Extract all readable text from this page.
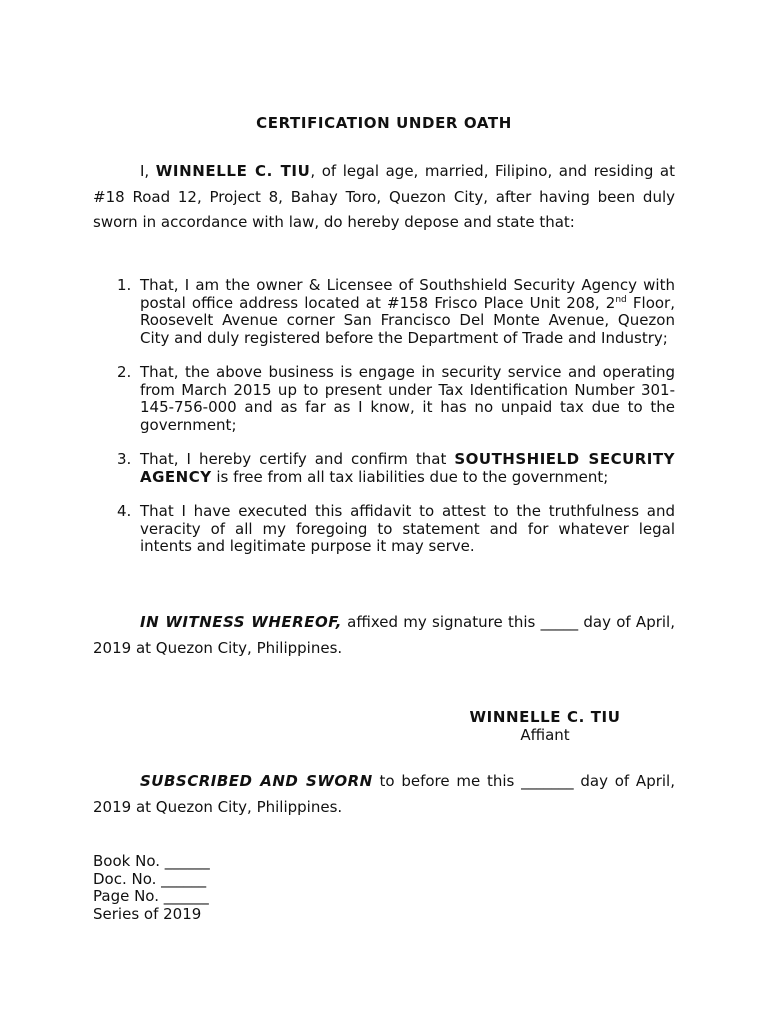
CERTIFICATION UNDER OATH

I, WINNELLE C. TIU, of legal age, married, Filipino, and residing at #18 Road 12, Project 8, Bahay Toro, Quezon City, after having been duly sworn in accordance with law, do hereby depose and state that:

1. That, I am the owner & Licensee of Southshield Security Agency with postal office address located at #158 Frisco Place Unit 208, 2nd Floor, Roosevelt Avenue corner San Francisco Del Monte Avenue, Quezon City and duly registered before the Department of Trade and Industry;
2. That, the above business is engage in security service and operating from March 2015 up to present under Tax Identification Number 301-145-756-000 and as far as I know, it has no unpaid tax due to the government;
3. That, I hereby certify and confirm that SOUTHSHIELD SECURITY AGENCY is free from all tax liabilities due to the government;
4. That I have executed this affidavit to attest to the truthfulness and veracity of all my foregoing to statement and for whatever legal intents and legitimate purpose it may serve.

IN WITNESS WHEREOF, affixed my signature this _____ day of April, 2019 at Quezon City, Philippines.

WINNELLE C. TIU
Affiant

SUBSCRIBED AND SWORN to before me this _______ day of April, 2019 at Quezon City, Philippines.

Book No. ______
Doc. No. ______
Page No. ______
Series of 2019
